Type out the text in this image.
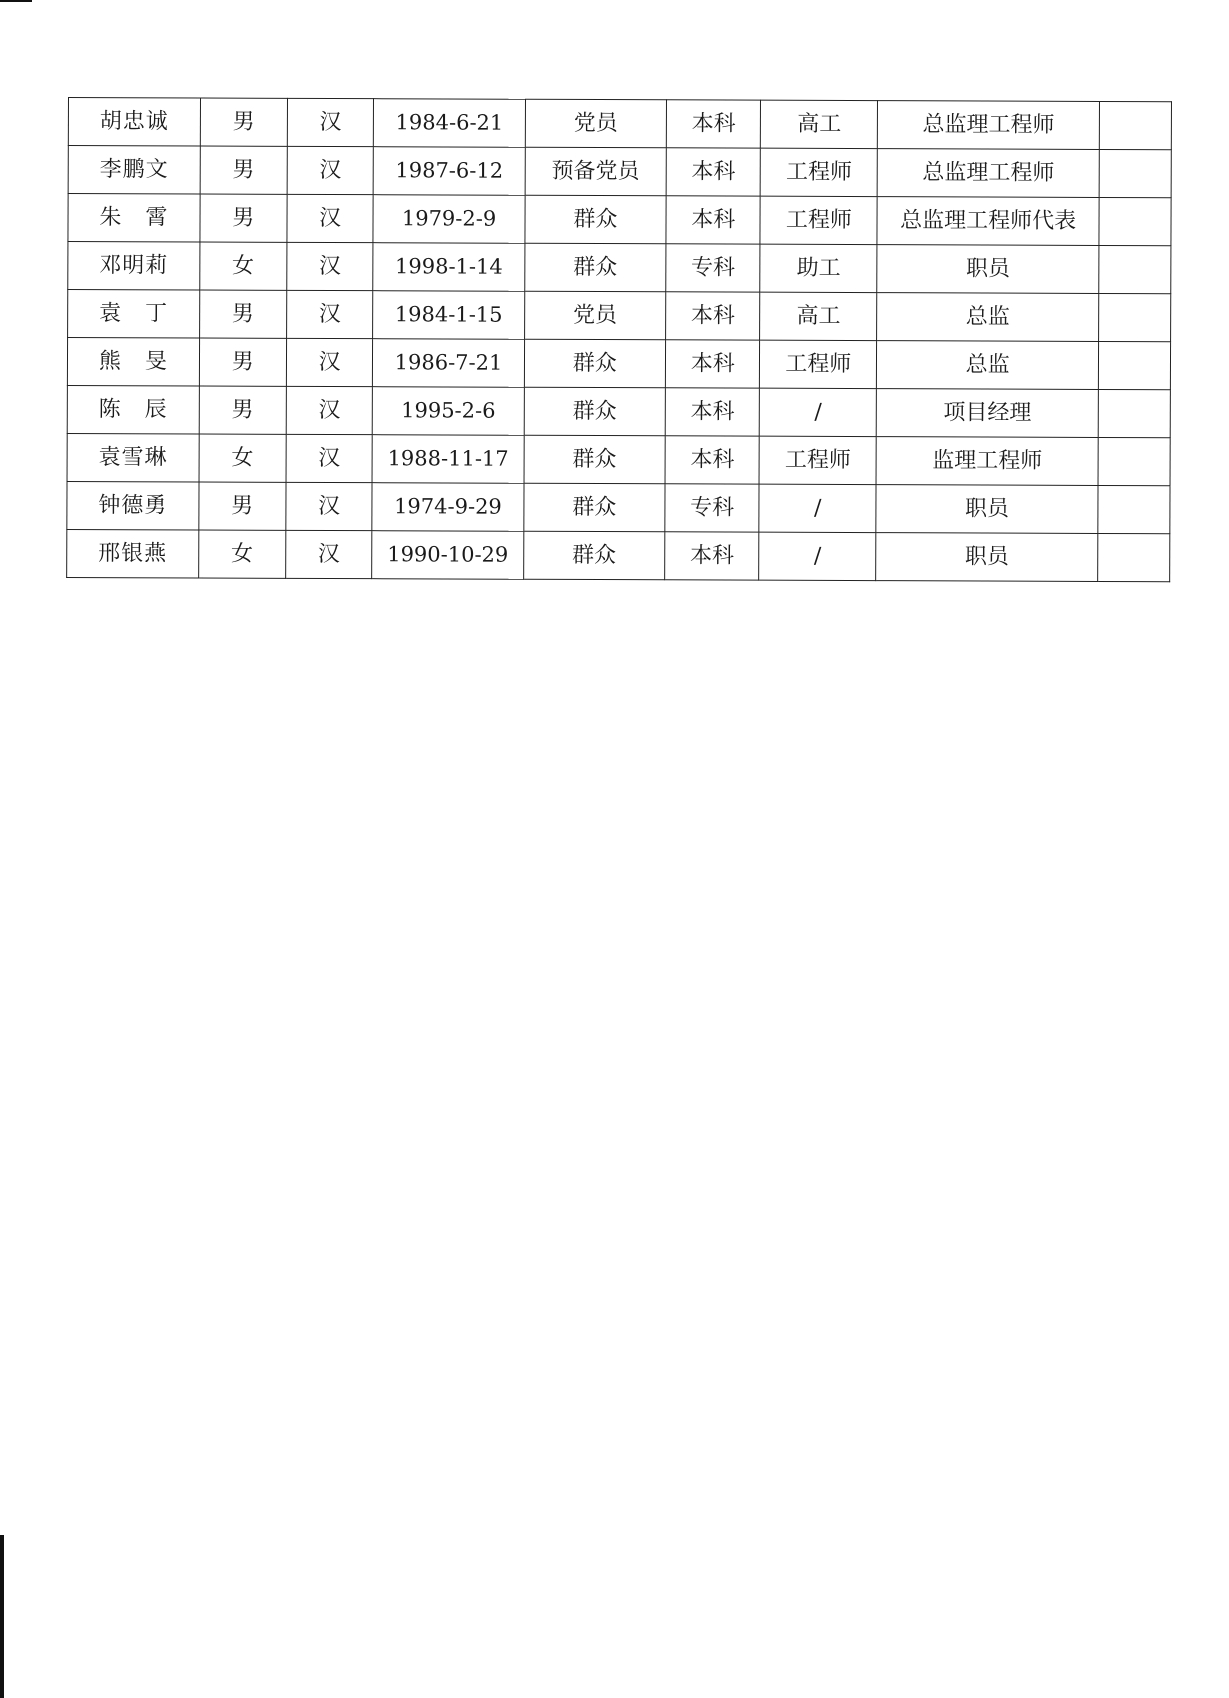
胡忠诚	男	汉	1984-6-21	党员	本科	高工	总监理工程师	
李鹏文	男	汉	1987-6-12	预备党员	本科	工程师	总监理工程师	
朱　霄	男	汉	1979-2-9	群众	本科	工程师	总监理工程师代表	
邓明莉	女	汉	1998-1-14	群众	专科	助工	职员	
袁　丁	男	汉	1984-1-15	党员	本科	高工	总监	
熊　旻	男	汉	1986-7-21	群众	本科	工程师	总监	
陈　辰	男	汉	1995-2-6	群众	本科	/	项目经理	
袁雪琳	女	汉	1988-11-17	群众	本科	工程师	监理工程师	
钟德勇	男	汉	1974-9-29	群众	专科	/	职员	
邢银燕	女	汉	1990-10-29	群众	本科	/	职员	
